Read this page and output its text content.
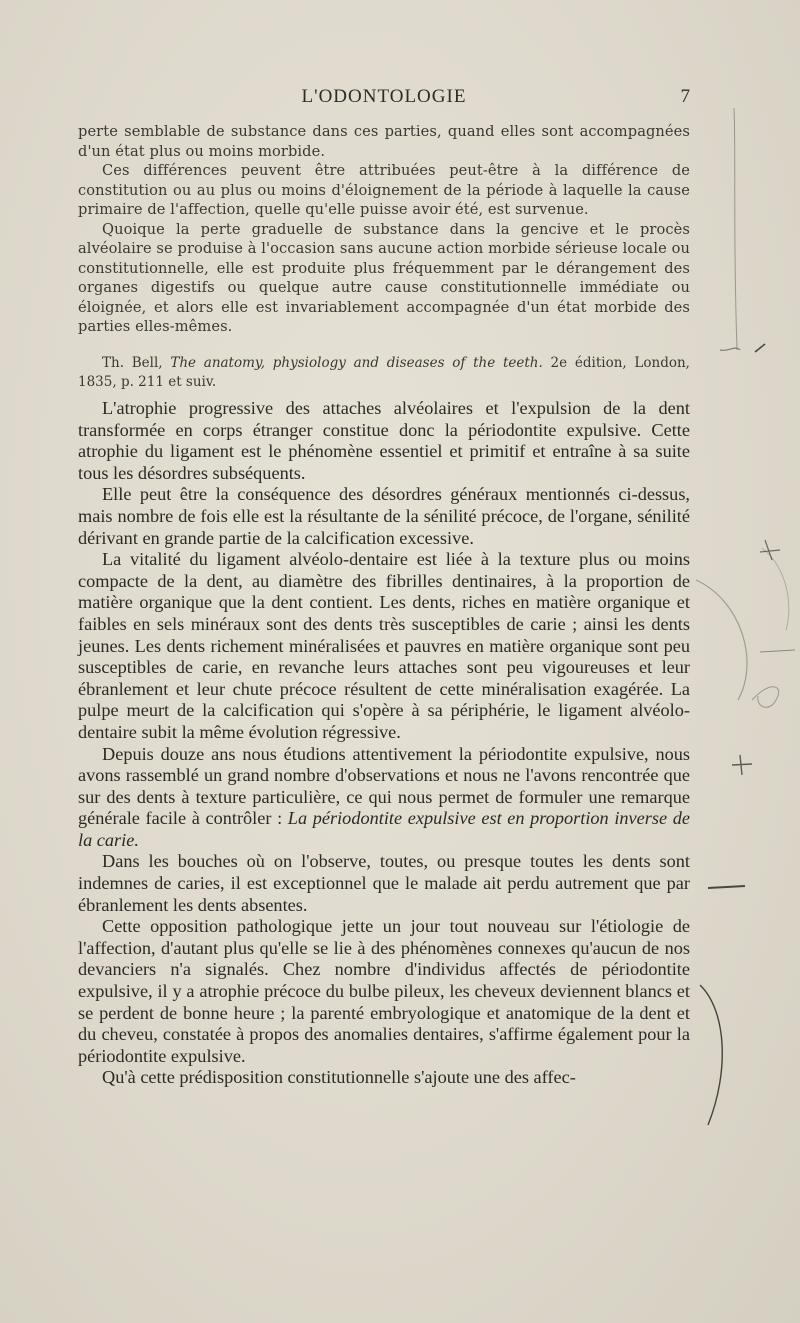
L'ODONTOLOGIE	7

perte semblable de substance dans ces parties, quand elles sont accompagnées d'un état plus ou moins morbide.

Ces différences peuvent être attribuées peut-être à la différence de constitution ou au plus ou moins d'éloignement de la période à laquelle la cause primaire de l'affection, quelle qu'elle puisse avoir été, est survenue.

Quoique la perte graduelle de substance dans la gencive et le procès alvéolaire se produise à l'occasion sans aucune action morbide sérieuse locale ou constitutionnelle, elle est produite plus fréquemment par le dérangement des organes digestifs ou quelque autre cause constitutionnelle immédiate ou éloignée, et alors elle est invariablement accompagnée d'un état morbide des parties elles-mêmes.

Th. Bell, The anatomy, physiology and diseases of the teeth. 2e édition, London, 1835, p. 211 et suiv.

L'atrophie progressive des attaches alvéolaires et l'expulsion de la dent transformée en corps étranger constitue donc la périodontite expulsive. Cette atrophie du ligament est le phénomène essentiel et primitif et entraîne à sa suite tous les désordres subséquents.

Elle peut être la conséquence des désordres généraux mentionnés ci-dessus, mais nombre de fois elle est la résultante de la sénilité précoce, de l'organe, sénilité dérivant en grande partie de la calcification excessive.

La vitalité du ligament alvéolo-dentaire est liée à la texture plus ou moins compacte de la dent, au diamètre des fibrilles dentinaires, à la proportion de matière organique que la dent contient. Les dents, riches en matière organique et faibles en sels minéraux sont des dents très susceptibles de carie ; ainsi les dents jeunes. Les dents richement minéralisées et pauvres en matière organique sont peu susceptibles de carie, en revanche leurs attaches sont peu vigoureuses et leur ébranlement et leur chute précoce résultent de cette minéralisation exagérée. La pulpe meurt de la calcification qui s'opère à sa périphérie, le ligament alvéolo-dentaire subit la même évolution régressive.

Depuis douze ans nous étudions attentivement la périodontite expulsive, nous avons rassemblé un grand nombre d'observations et nous ne l'avons rencontrée que sur des dents à texture particulière, ce qui nous permet de formuler une remarque générale facile à contrôler : La périodontite expulsive est en proportion inverse de la carie.

Dans les bouches où on l'observe, toutes, ou presque toutes les dents sont indemnes de caries, il est exceptionnel que le malade ait perdu autrement que par ébranlement les dents absentes.

Cette opposition pathologique jette un jour tout nouveau sur l'étiologie de l'affection, d'autant plus qu'elle se lie à des phénomènes connexes qu'aucun de nos devanciers n'a signalés. Chez nombre d'individus affectés de périodontite expulsive, il y a atrophie précoce du bulbe pileux, les cheveux deviennent blancs et se perdent de bonne heure ; la parenté embryologique et anatomique de la dent et du cheveu, constatée à propos des anomalies dentaires, s'affirme également pour la périodontite expulsive.

Qu'à cette prédisposition constitutionnelle s'ajoute une des affec-
